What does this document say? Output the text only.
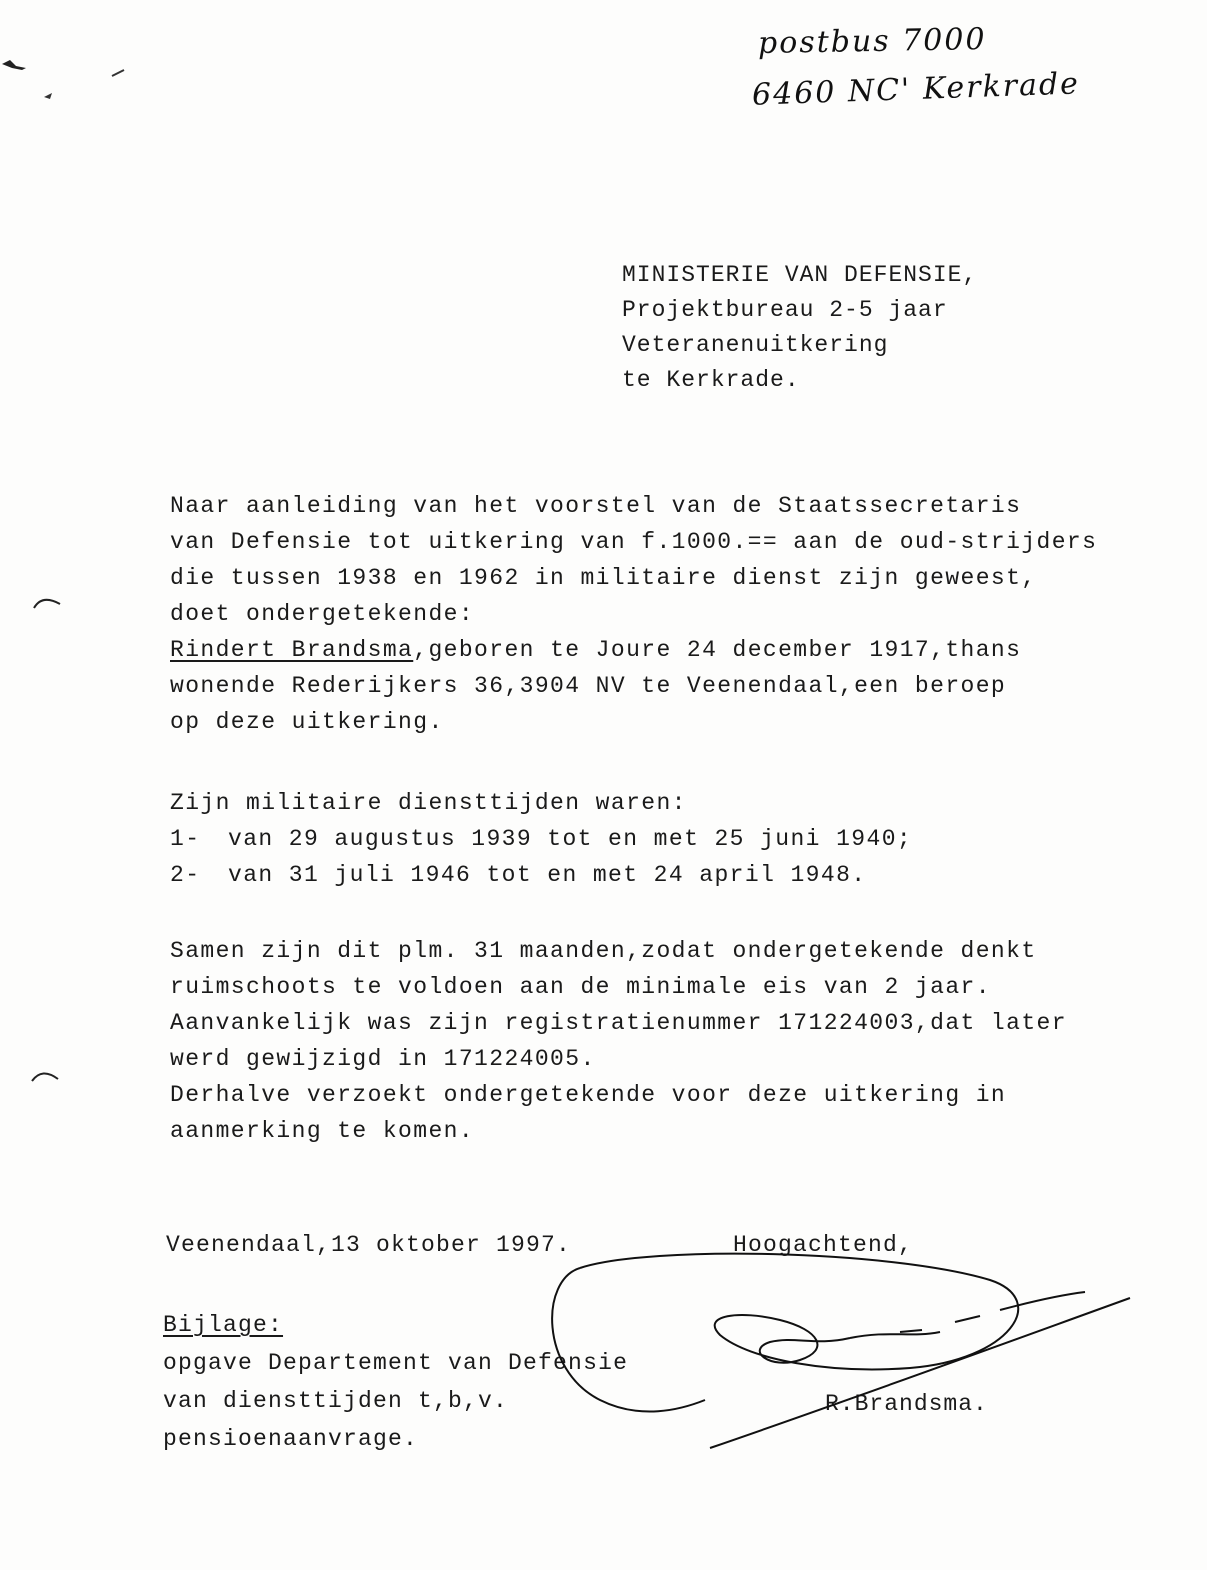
postbus 7000
6460 NC' Kerkrade
MINISTERIE VAN DEFENSIE,
Projektbureau 2-5 jaar
Veteranenuitkering
te Kerkrade.
Naar aanleiding van het voorstel van de Staatssecretaris
van Defensie tot uitkering van f.1000.== aan de oud-strijders
die tussen 1938 en 1962 in militaire dienst zijn geweest,
doet ondergetekende:
Rindert Brandsma,geboren te Joure 24 december 1917,thans
wonende Rederijkers 36,3904 NV te Veenendaal,een beroep
op deze uitkering.
Zijn militaire diensttijden waren:
1- van 29 augustus 1939 tot en met 25 juni 1940;
2- van 31 juli 1946 tot en met 24 april 1948.
Samen zijn dit plm. 31 maanden,zodat ondergetekende denkt
ruimschoots te voldoen aan de minimale eis van 2 jaar.
Aanvankelijk was zijn registratienummer 171224003,dat later
werd gewijzigd in 171224005.
Derhalve verzoekt ondergetekende voor deze uitkering in
aanmerking te komen.
Veenendaal,13 oktober 1997.	Hoogachtend,
Bijlage:
opgave Departement van Defensie
van diensttijden t,b,v.
pensioenaanvrage.
R.Brandsma.
